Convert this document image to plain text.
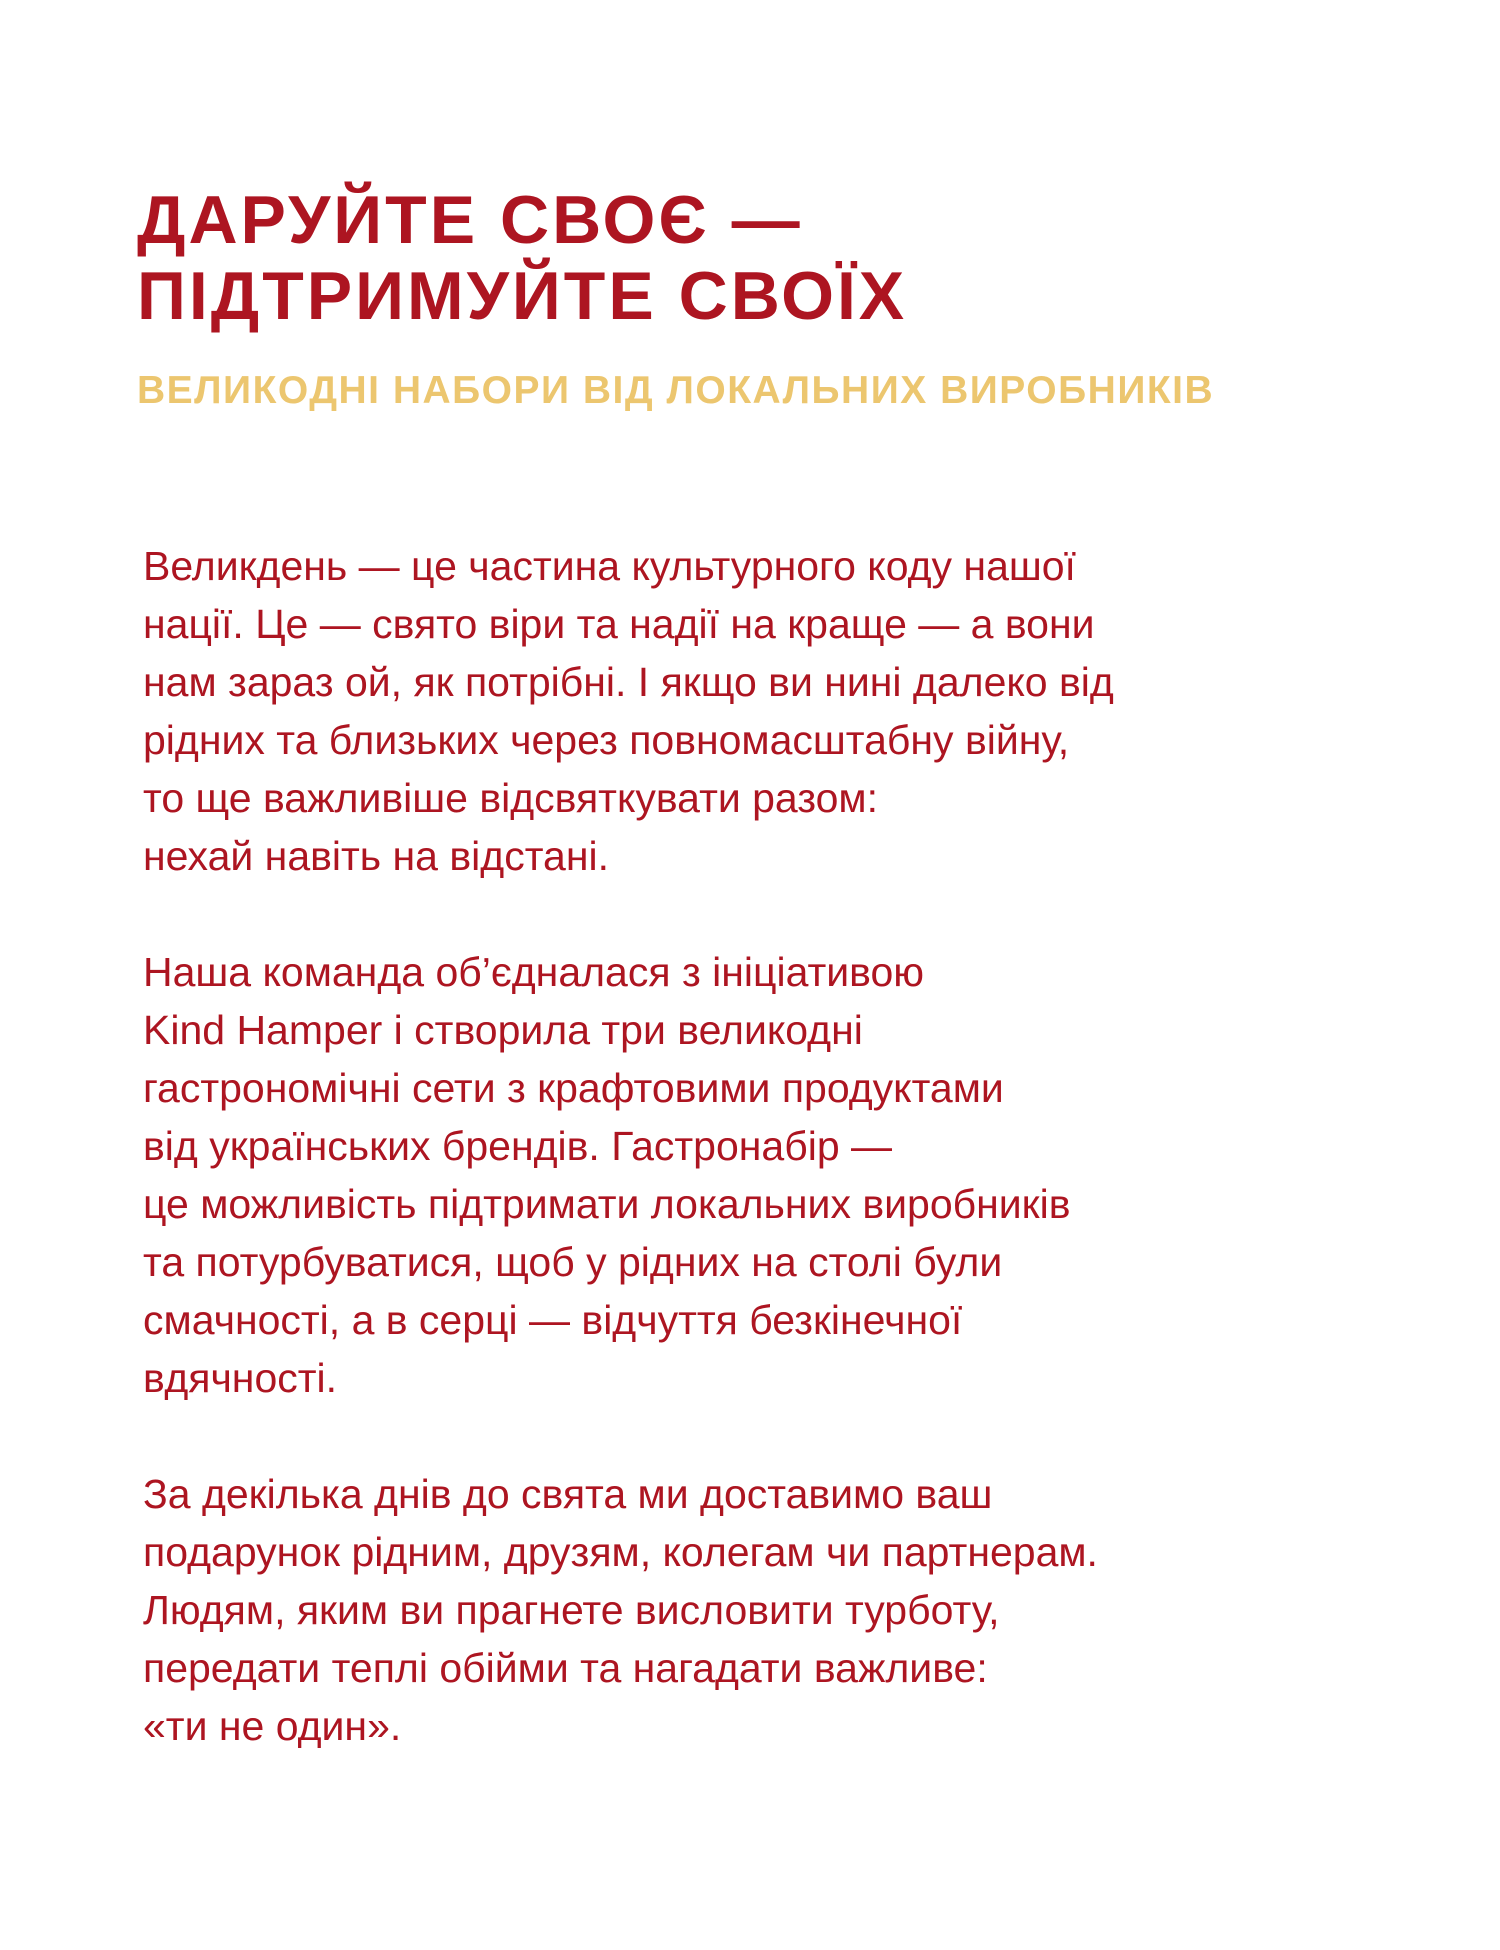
ДАРУЙТЕ СВОЄ —
ПІДТРИМУЙТЕ СВОЇХ
ВЕЛИКОДНІ НАБОРИ ВІД ЛОКАЛЬНИХ ВИРОБНИКІВ

Великдень — це частина культурного коду нашої
нації. Це — свято віри та надії на краще — а вони
нам зараз ой, як потрібні. І якщо ви нині далеко від
рідних та близьких через повномасштабну війну,
то ще важливіше відсвяткувати разом:
нехай навіть на відстані.

Наша команда об’єдналася з ініціативою
Kind Hamper і створила три великодні
гастрономічні сети з крафтовими продуктами
від українських брендів. Гастронабір —
це можливість підтримати локальних виробників
та потурбуватися, щоб у рідних на столі були
смачності, а в серці — відчуття безкінечної
вдячності.

За декілька днів до свята ми доставимо ваш
подарунок рідним, друзям, колегам чи партнерам.
Людям, яким ви прагнете висловити турботу,
передати теплі обійми та нагадати важливе:
«ти не один».
